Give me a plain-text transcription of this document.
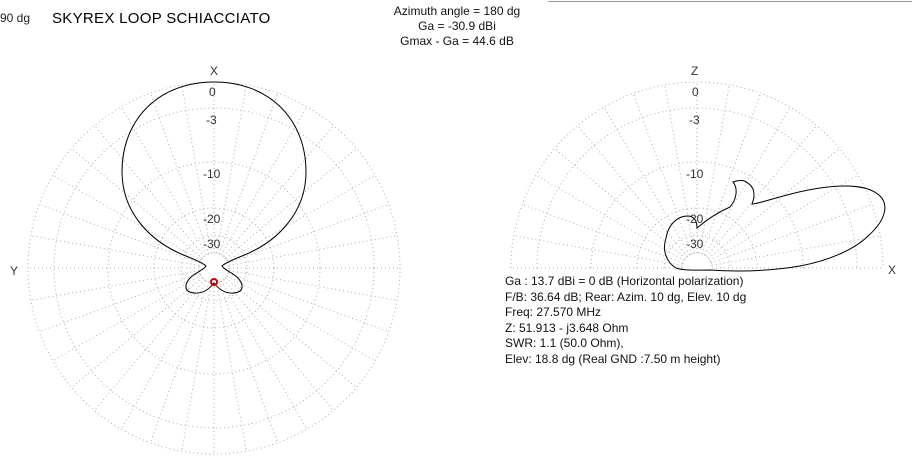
90 dg SKYREX LOOP SCHIACCIATO	Azimuth angle = 180 dg
Ga = -30.9 dBi
Gmax - Ga = 44.6 dB
X
Y
0
-3
-10
-20
-30
Z
X
0
-3
-10
-20
-30
Ga : 13.7 dBi = 0 dB (Horizontal polarization)
F/B: 36.64 dB; Rear: Azim. 10 dg, Elev. 10 dg
Freq: 27.570 MHz
Z: 51.913 - j3.648 Ohm
SWR: 1.1 (50.0 Ohm),
Elev: 18.8 dg (Real GND :7.50 m height)
